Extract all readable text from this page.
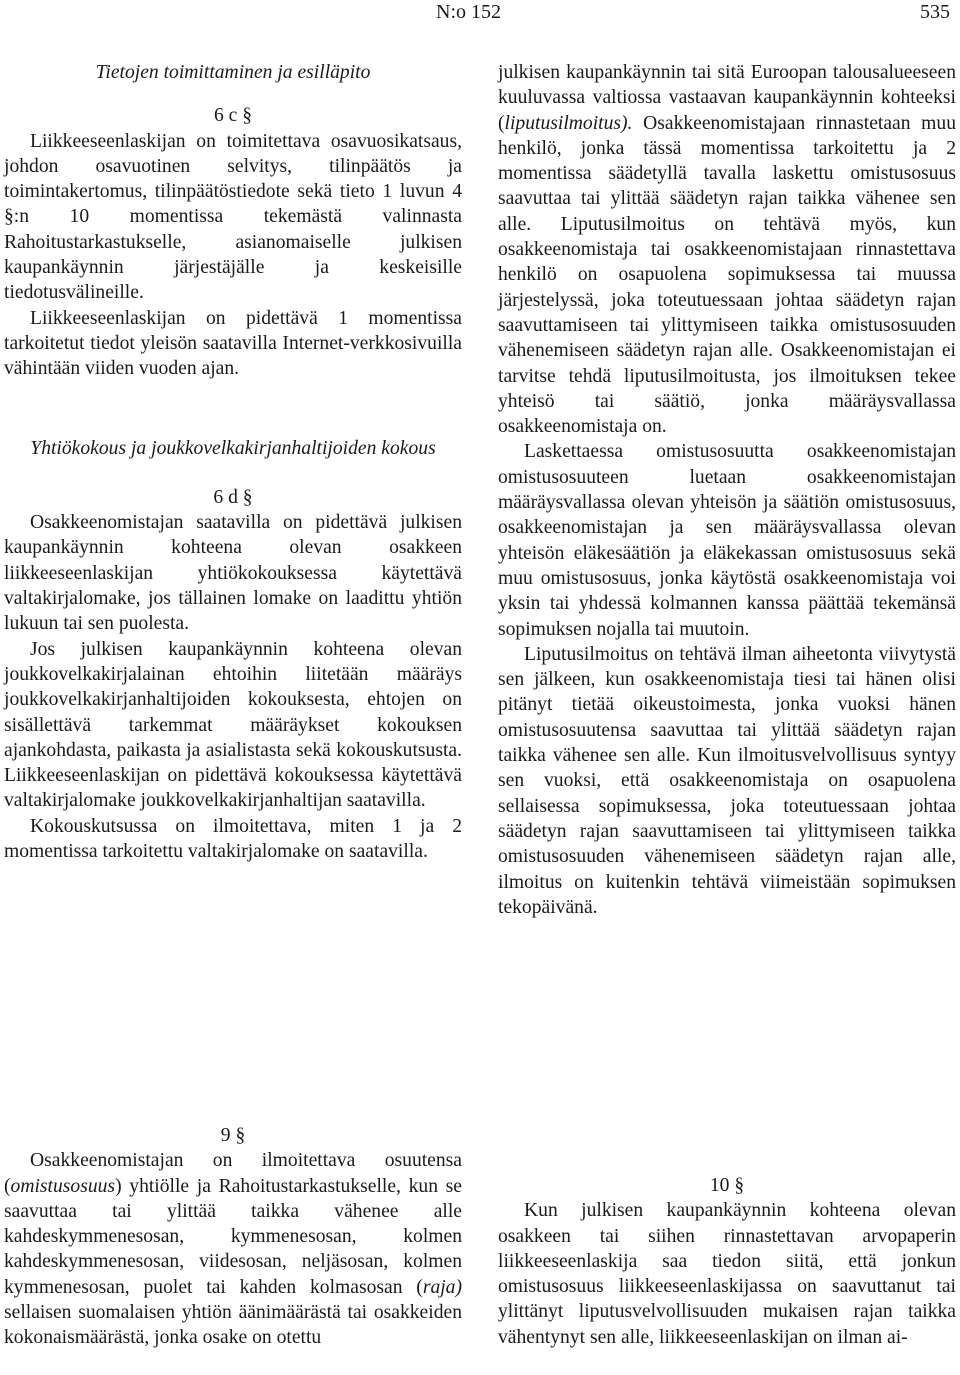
N:o 152	535

Tietojen toimittaminen ja esilläpito

6 c §

Liikkeeseenlaskijan on toimitettava osavuosikatsaus, johdon osavuotinen selvitys, tilinpäätös ja toimintakertomus, tilinpäätöstiedote sekä tieto 1 luvun 4 §:n 10 momentissa tekemästä valinnasta Rahoitustarkastukselle, asianomaiselle julkisen kaupankäynnin järjestäjälle ja keskeisille tiedotusvälineille.

Liikkeeseenlaskijan on pidettävä 1 momentissa tarkoitetut tiedot yleisön saatavilla Internet-verkkosivuilla vähintään viiden vuoden ajan.

Yhtiökokous ja joukkovelkakirjanhaltijoiden kokous

6 d §

Osakkeenomistajan saatavilla on pidettävä julkisen kaupankäynnin kohteena olevan osakkeen liikkeeseenlaskijan yhtiökokouksessa käytettävä valtakirjalomake, jos tällainen lomake on laadittu yhtiön lukuun tai sen puolesta.

Jos julkisen kaupankäynnin kohteena olevan joukkovelkakirjalainan ehtoihin liitetään määräys joukkovelkakirjanhaltijoiden kokouksesta, ehtojen on sisällettävä tarkemmat määräykset kokouksen ajankohdasta, paikasta ja asialistasta sekä kokouskutsusta. Liikkeeseenlaskijan on pidettävä kokouksessa käytettävä valtakirjalomake joukkovelkakirjanhaltijan saatavilla.

Kokouskutsussa on ilmoitettava, miten 1 ja 2 momentissa tarkoitettu valtakirjalomake on saatavilla.

julkisen kaupankäynnin tai sitä Euroopan talousalueeseen kuuluvassa valtiossa vastaavan kaupankäynnin kohteeksi (liputusilmoitus). Osakkeenomistajaan rinnastetaan muu henkilö, jonka tässä momentissa tarkoitettu ja 2 momentissa säädetyllä tavalla laskettu omistusosuus saavuttaa tai ylittää säädetyn rajan taikka vähenee sen alle. Liputusilmoitus on tehtävä myös, kun osakkeenomistaja tai osakkeenomistajaan rinnastettava henkilö on osapuolena sopimuksessa tai muussa järjestelyssä, joka toteutuessaan johtaa säädetyn rajan saavuttamiseen tai ylittymiseen taikka omistusosuuden vähenemiseen säädetyn rajan alle. Osakkeenomistajan ei tarvitse tehdä liputusilmoitusta, jos ilmoituksen tekee yhteisö tai säätiö, jonka määräysvallassa osakkeenomistaja on.

Laskettaessa omistusosuutta osakkeenomistajan omistusosuuteen luetaan osakkeenomistajan määräysvallassa olevan yhteisön ja säätiön omistusosuus, osakkeenomistajan ja sen määräysvallassa olevan yhteisön eläkesäätiön ja eläkekassan omistusosuus sekä muu omistusosuus, jonka käytöstä osakkeenomistaja voi yksin tai yhdessä kolmannen kanssa päättää tekemänsä sopimuksen nojalla tai muutoin.

Liputusilmoitus on tehtävä ilman aiheetonta viivytystä sen jälkeen, kun osakkeenomistaja tiesi tai hänen olisi pitänyt tietää oikeustoimesta, jonka vuoksi hänen omistusosuutensa saavuttaa tai ylittää säädetyn rajan taikka vähenee sen alle. Kun ilmoitusvelvollisuus syntyy sen vuoksi, että osakkeenomistaja on osapuolena sellaisessa sopimuksessa, joka toteutuessaan johtaa säädetyn rajan saavuttamiseen tai ylittymiseen taikka omistusosuuden vähenemiseen säädetyn rajan alle, ilmoitus on kuitenkin tehtävä viimeistään sopimuksen tekopäivänä.

9 §

Osakkeenomistajan on ilmoitettava osuutensa (omistusosuus) yhtiölle ja Rahoitustarkastukselle, kun se saavuttaa tai ylittää taikka vähenee alle kahdeskymmenesosan, kymmenesosan, kolmen kahdeskymmenesosan, viidesosan, neljäsosan, kolmen kymmenesosan, puolet tai kahden kolmasosan (raja) sellaisen suomalaisen yhtiön äänimäärästä tai osakkeiden kokonaismäärästä, jonka osake on otettu

10 §

Kun julkisen kaupankäynnin kohteena olevan osakkeen tai siihen rinnastettavan arvopaperin liikkeeseenlaskija saa tiedon siitä, että jonkun omistusosuus liikkeeseenlaskijassa on saavuttanut tai ylittänyt liputusvelvollisuuden mukaisen rajan taikka vähentynyt sen alle, liikkeeseenlaskijan on ilman ai-
